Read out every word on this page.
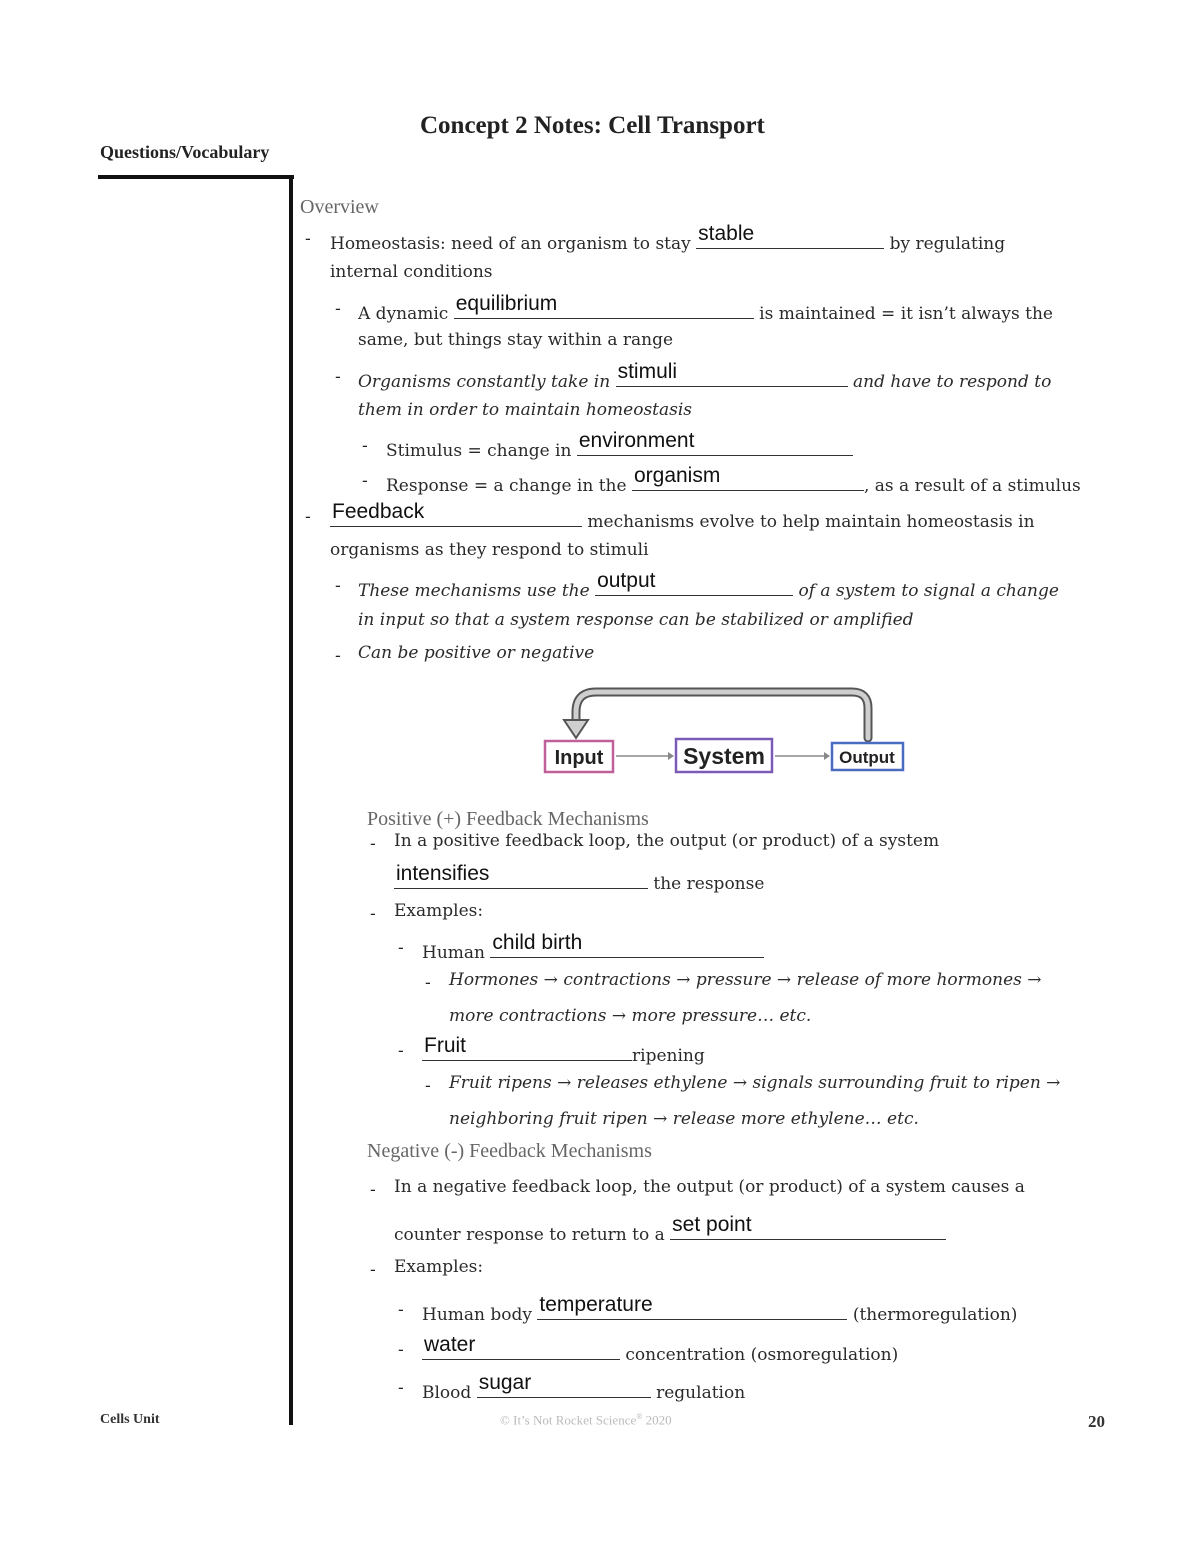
Concept 2 Notes: Cell Transport
Questions/Vocabulary
Overview
- Homeostasis: need of an organism to stay stable	by regulating
internal conditions
- A dynamic equilibrium	is maintained = it isn’t always the
same, but things stay within a range
- Organisms constantly take in stimuli	and have to respond to
them in order to maintain homeostasis
- Stimulus = change in environment
- Response = a change in the organism	, as a result of a stimulus
- Feedback	mechanisms evolve to help maintain homeostasis in
organisms as they respond to stimuli
- These mechanisms use the output	of a system to signal a change
in input so that a system response can be stabilized or amplified
- Can be positive or negative
Input	System	Output
Positive (+) Feedback Mechanisms
- In a positive feedback loop, the output (or product) of a system
intensifies	the response
- Examples:
- Human child birth
- Hormones → contractions → pressure → release of more hormones →
more contractions → more pressure… etc.
- Fruit	ripening
- Fruit ripens → releases ethylene → signals surrounding fruit to ripen →
neighboring fruit ripen → release more ethylene… etc.
Negative (-) Feedback Mechanisms
- In a negative feedback loop, the output (or product) of a system causes a
counter response to return to a set point
- Examples:
- Human body temperature	(thermoregulation)
- water	concentration (osmoregulation)
- Blood sugar	regulation
Cells Unit	© It’s Not Rocket Science® 2020	20
